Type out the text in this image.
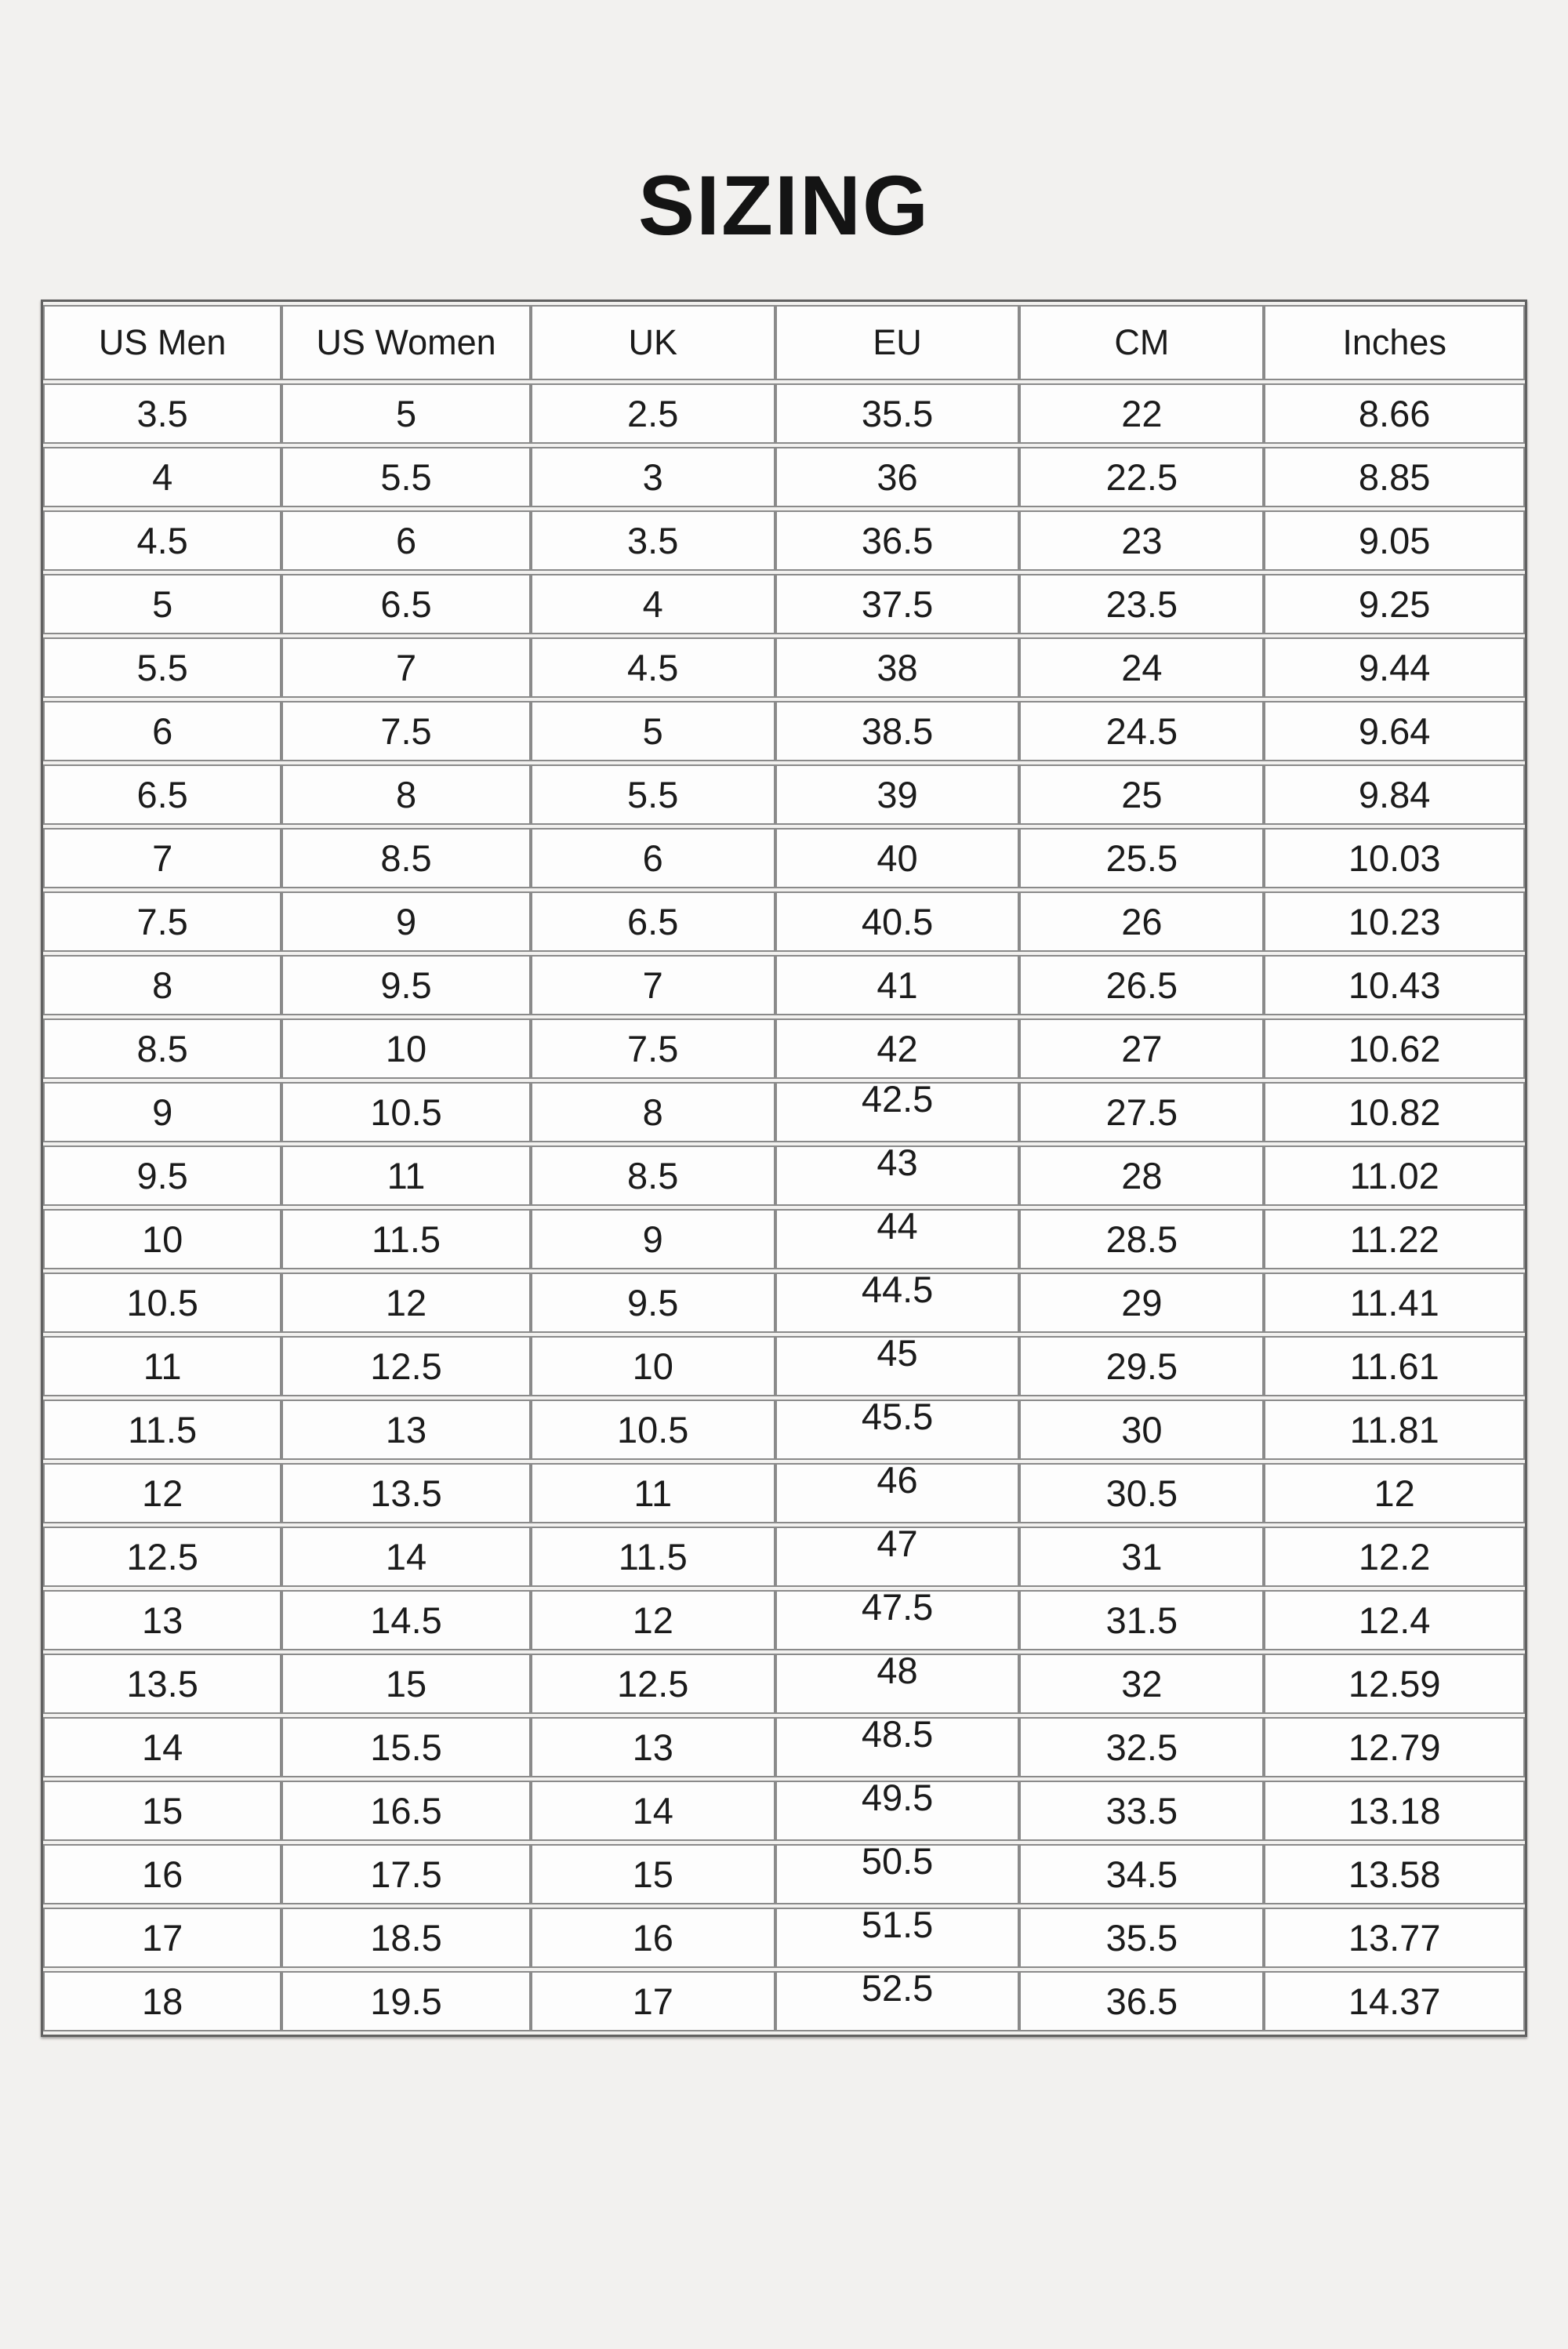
SIZING
US Men	US Women	UK	EU	CM	Inches
3.5	5	2.5	35.5	22	8.66
4	5.5	3	36	22.5	8.85
4.5	6	3.5	36.5	23	9.05
5	6.5	4	37.5	23.5	9.25
5.5	7	4.5	38	24	9.44
6	7.5	5	38.5	24.5	9.64
6.5	8	5.5	39	25	9.84
7	8.5	6	40	25.5	10.03
7.5	9	6.5	40.5	26	10.23
8	9.5	7	41	26.5	10.43
8.5	10	7.5	42	27	10.62
9	10.5	8	42.5	27.5	10.82
9.5	11	8.5	43	28	11.02
10	11.5	9	44	28.5	11.22
10.5	12	9.5	44.5	29	11.41
11	12.5	10	45	29.5	11.61
11.5	13	10.5	45.5	30	11.81
12	13.5	11	46	30.5	12
12.5	14	11.5	47	31	12.2
13	14.5	12	47.5	31.5	12.4
13.5	15	12.5	48	32	12.59
14	15.5	13	48.5	32.5	12.79
15	16.5	14	49.5	33.5	13.18
16	17.5	15	50.5	34.5	13.58
17	18.5	16	51.5	35.5	13.77
18	19.5	17	52.5	36.5	14.37
